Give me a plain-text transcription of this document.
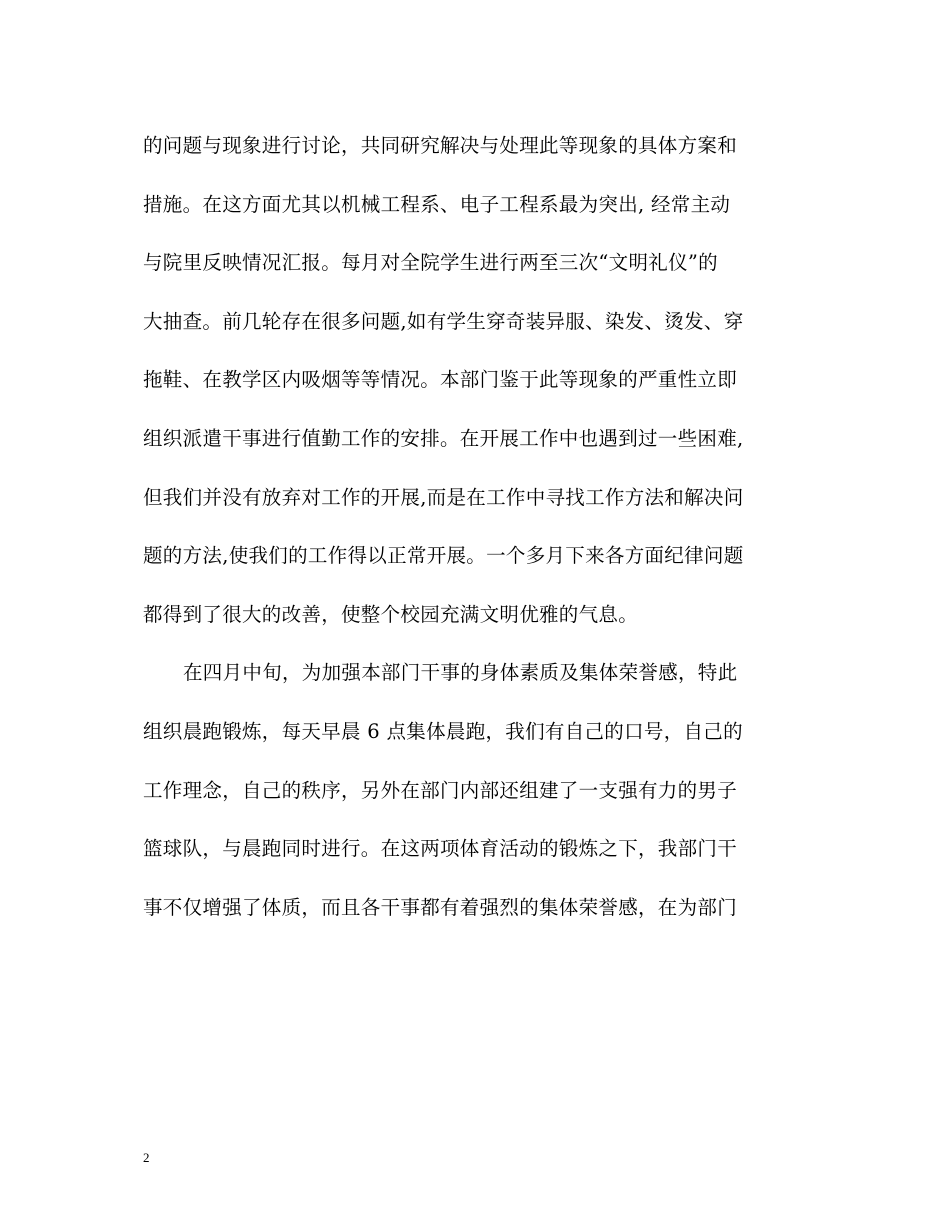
的问题与现象进行讨论，共同研究解决与处理此等现象的具体方案和
措施。在这方面尤其以机械工程系、电子工程系最为突出, 经常主动
与院里反映情况汇报。每月对全院学生进行两至三次“文明礼仪”的
大抽查。前几轮存在很多问题,如有学生穿奇装异服、染发、烫发、穿
拖鞋、在教学区内吸烟等等情况。本部门鉴于此等现象的严重性立即
组织派遣干事进行值勤工作的安排。在开展工作中也遇到过一些困难,
但我们并没有放弃对工作的开展,而是在工作中寻找工作方法和解决问
题的方法,使我们的工作得以正常开展。一个多月下来各方面纪律问题
都得到了很大的改善，使整个校园充满文明优雅的气息。
在四月中旬，为加强本部门干事的身体素质及集体荣誉感，特此
组织晨跑锻炼，每天早晨 6 点集体晨跑，我们有自己的口号，自己的
工作理念，自己的秩序，另外在部门内部还组建了一支强有力的男子
篮球队，与晨跑同时进行。在这两项体育活动的锻炼之下，我部门干
事不仅增强了体质，而且各干事都有着强烈的集体荣誉感，在为部门
2
